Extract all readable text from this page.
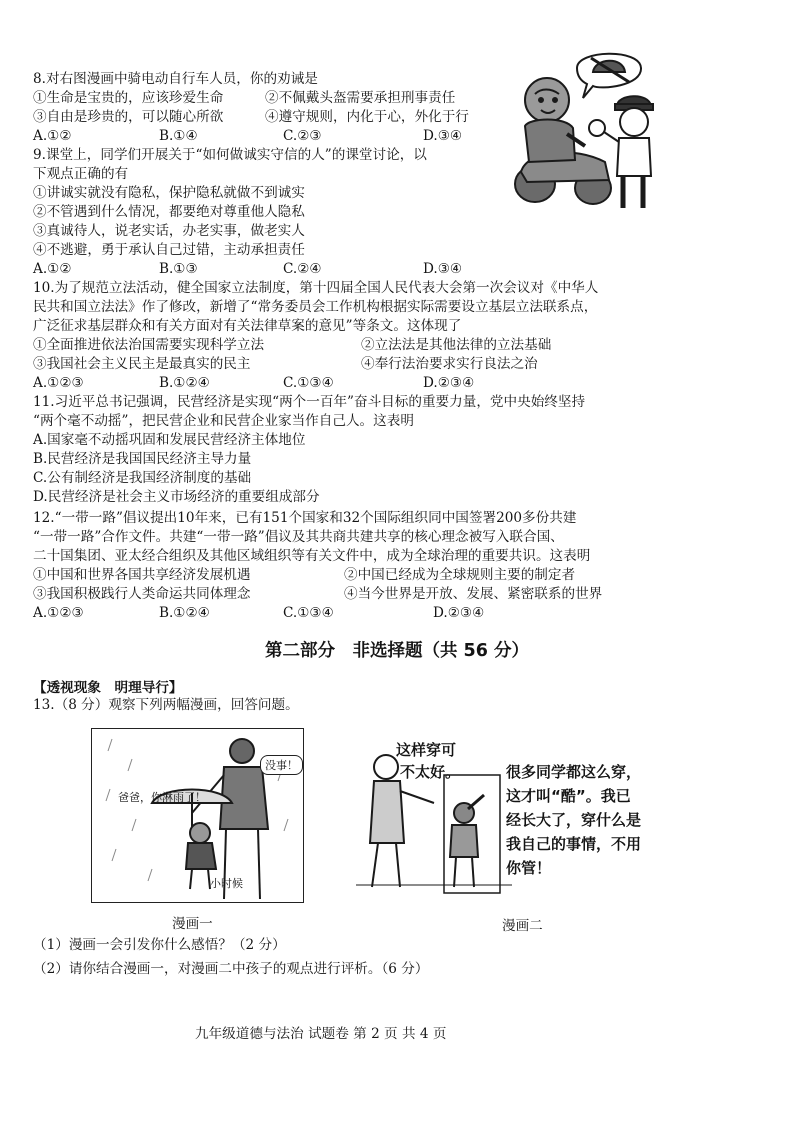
8.对右图漫画中骑电动自行车人员，你的劝诫是
①生命是宝贵的，应该珍爱生命	②不佩戴头盔需要承担刑事责任
③自由是珍贵的，可以随心所欲	④遵守规则，内化于心，外化于行
A.①②	B.①④	C.②③	D.③④
9.课堂上，同学们开展关于“如何做诚实守信的人”的课堂讨论，以
下观点正确的有
①讲诚实就没有隐私，保护隐私就做不到诚实
②不管遇到什么情况，都要绝对尊重他人隐私
③真诚待人，说老实话，办老实事，做老实人
④不逃避，勇于承认自己过错，主动承担责任
A.①②	B.①③	C.②④	D.③④
10.为了规范立法活动，健全国家立法制度，第十四届全国人民代表大会第一次会议对《中华人
民共和国立法法》作了修改，新增了“常务委员会工作机构根据实际需要设立基层立法联系点，
广泛征求基层群众和有关方面对有关法律草案的意见”等条文。这体现了
①全面推进依法治国需要实现科学立法	②立法法是其他法律的立法基础
③我国社会主义民主是最真实的民主	④奉行法治要求实行良法之治
A.①②③	B.①②④	C.①③④	D.②③④
11.习近平总书记强调，民营经济是实现“两个一百年”奋斗目标的重要力量，党中央始终坚持
“两个毫不动摇”，把民营企业和民营企业家当作自己人。这表明
A.国家毫不动摇巩固和发展民营经济主体地位
B.民营经济是我国国民经济主导力量
C.公有制经济是我国经济制度的基础
D.民营经济是社会主义市场经济的重要组成部分
12.“一带一路”倡议提出10年来，已有151个国家和32个国际组织同中国签署200多份共建
“一带一路”合作文件。共建“一带一路”倡议及其共商共建共享的核心理念被写入联合国、
二十国集团、亚太经合组织及其他区域组织等有关文件中，成为全球治理的重要共识。这表明
①中国和世界各国共享经济发展机遇	②中国已经成为全球规则主要的制定者
③我国积极践行人类命运共同体理念	④当今世界是开放、发展、紧密联系的世界
A.①②③	B.①②④	C.①③④	D.②③④
第二部分　非选择题（共 56 分）
【透视现象　明理导行】
13.（8 分）观察下列两幅漫画，回答问题。
爸爸，你淋雨了！
没事！
小时候
漫画一
这样穿可
不太好。	很多同学都这么穿，
这才叫“酷”。我已
经长大了，穿什么是
我自己的事情，不用
你管！
漫画二
（1）漫画一会引发你什么感悟？（2 分）
（2）请你结合漫画一，对漫画二中孩子的观点进行评析。（6 分）
九年级道德与法治 试题卷 第 2 页 共 4 页
